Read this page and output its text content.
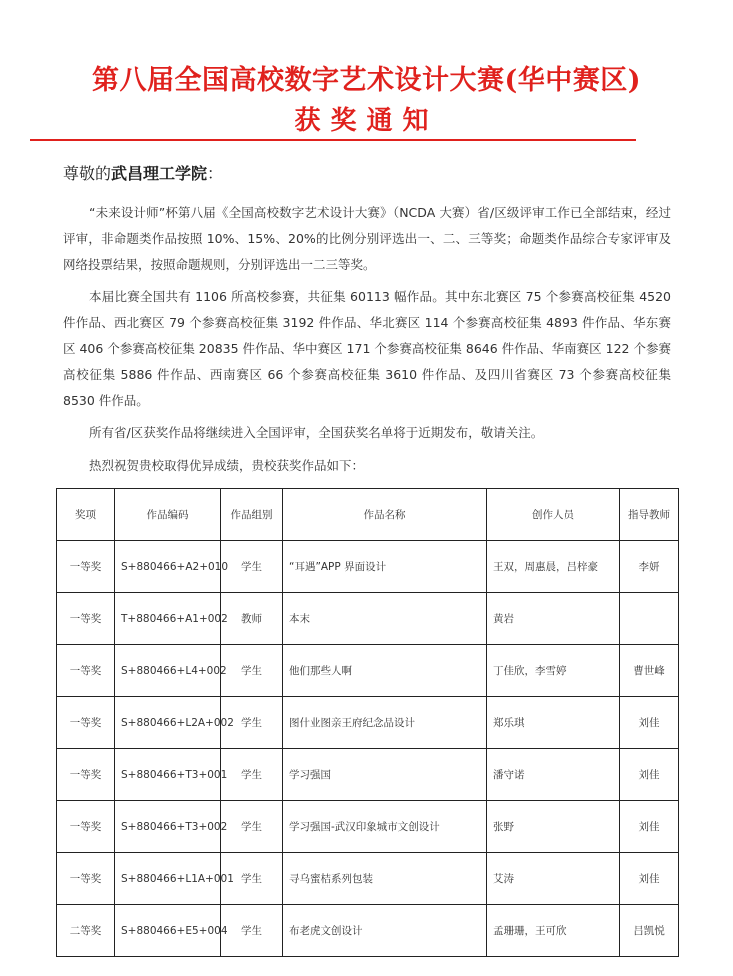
第八届全国高校数字艺术设计大赛(华中赛区)
获奖通知
尊敬的武昌理工学院：
“未来设计师”杯第八届《全国高校数字艺术设计大赛》（NCDA 大赛）省/区级评审工作已全部结束，经过评审，非命题类作品按照 10%、15%、20%的比例分别评选出一、二、三等奖；命题类作品综合专家评审及网络投票结果，按照命题规则，分别评选出一二三等奖。
本届比赛全国共有 1106 所高校参赛，共征集 60113 幅作品。其中东北赛区 75 个参赛高校征集 4520 件作品、西北赛区 79 个参赛高校征集 3192 件作品、华北赛区 114 个参赛高校征集 4893 件作品、华东赛区 406 个参赛高校征集 20835 件作品、华中赛区 171 个参赛高校征集 8646 件作品、华南赛区 122 个参赛高校征集 5886 件作品、西南赛区 66 个参赛高校征集 3610 件作品、及四川省赛区 73 个参赛高校征集 8530 件作品。
所有省/区获奖作品将继续进入全国评审，全国获奖名单将于近期发布，敬请关注。
热烈祝贺贵校取得优异成绩，贵校获奖作品如下：
奖项	作品编码	作品组别	作品名称	创作人员	指导教师
一等奖	S+880466+A2+010	学生	“耳遇”APP 界面设计	王双，周惠晨，吕梓豪	李妍
一等奖	T+880466+A1+002	教师	本末	黄岩	
一等奖	S+880466+L4+002	学生	他们那些人啊	丁佳欣，李雪婷	曹世峰
一等奖	S+880466+L2A+002	学生	图什业图亲王府纪念品设计	郑乐琪	刘佳
一等奖	S+880466+T3+001	学生	学习强国	潘守诺	刘佳
一等奖	S+880466+T3+002	学生	学习强国-武汉印象城市文创设计	张野	刘佳
一等奖	S+880466+L1A+001	学生	寻乌蜜桔系列包装	艾涛	刘佳
二等奖	S+880466+E5+004	学生	布老虎文创设计	孟珊珊，王可欣	吕凯悦
